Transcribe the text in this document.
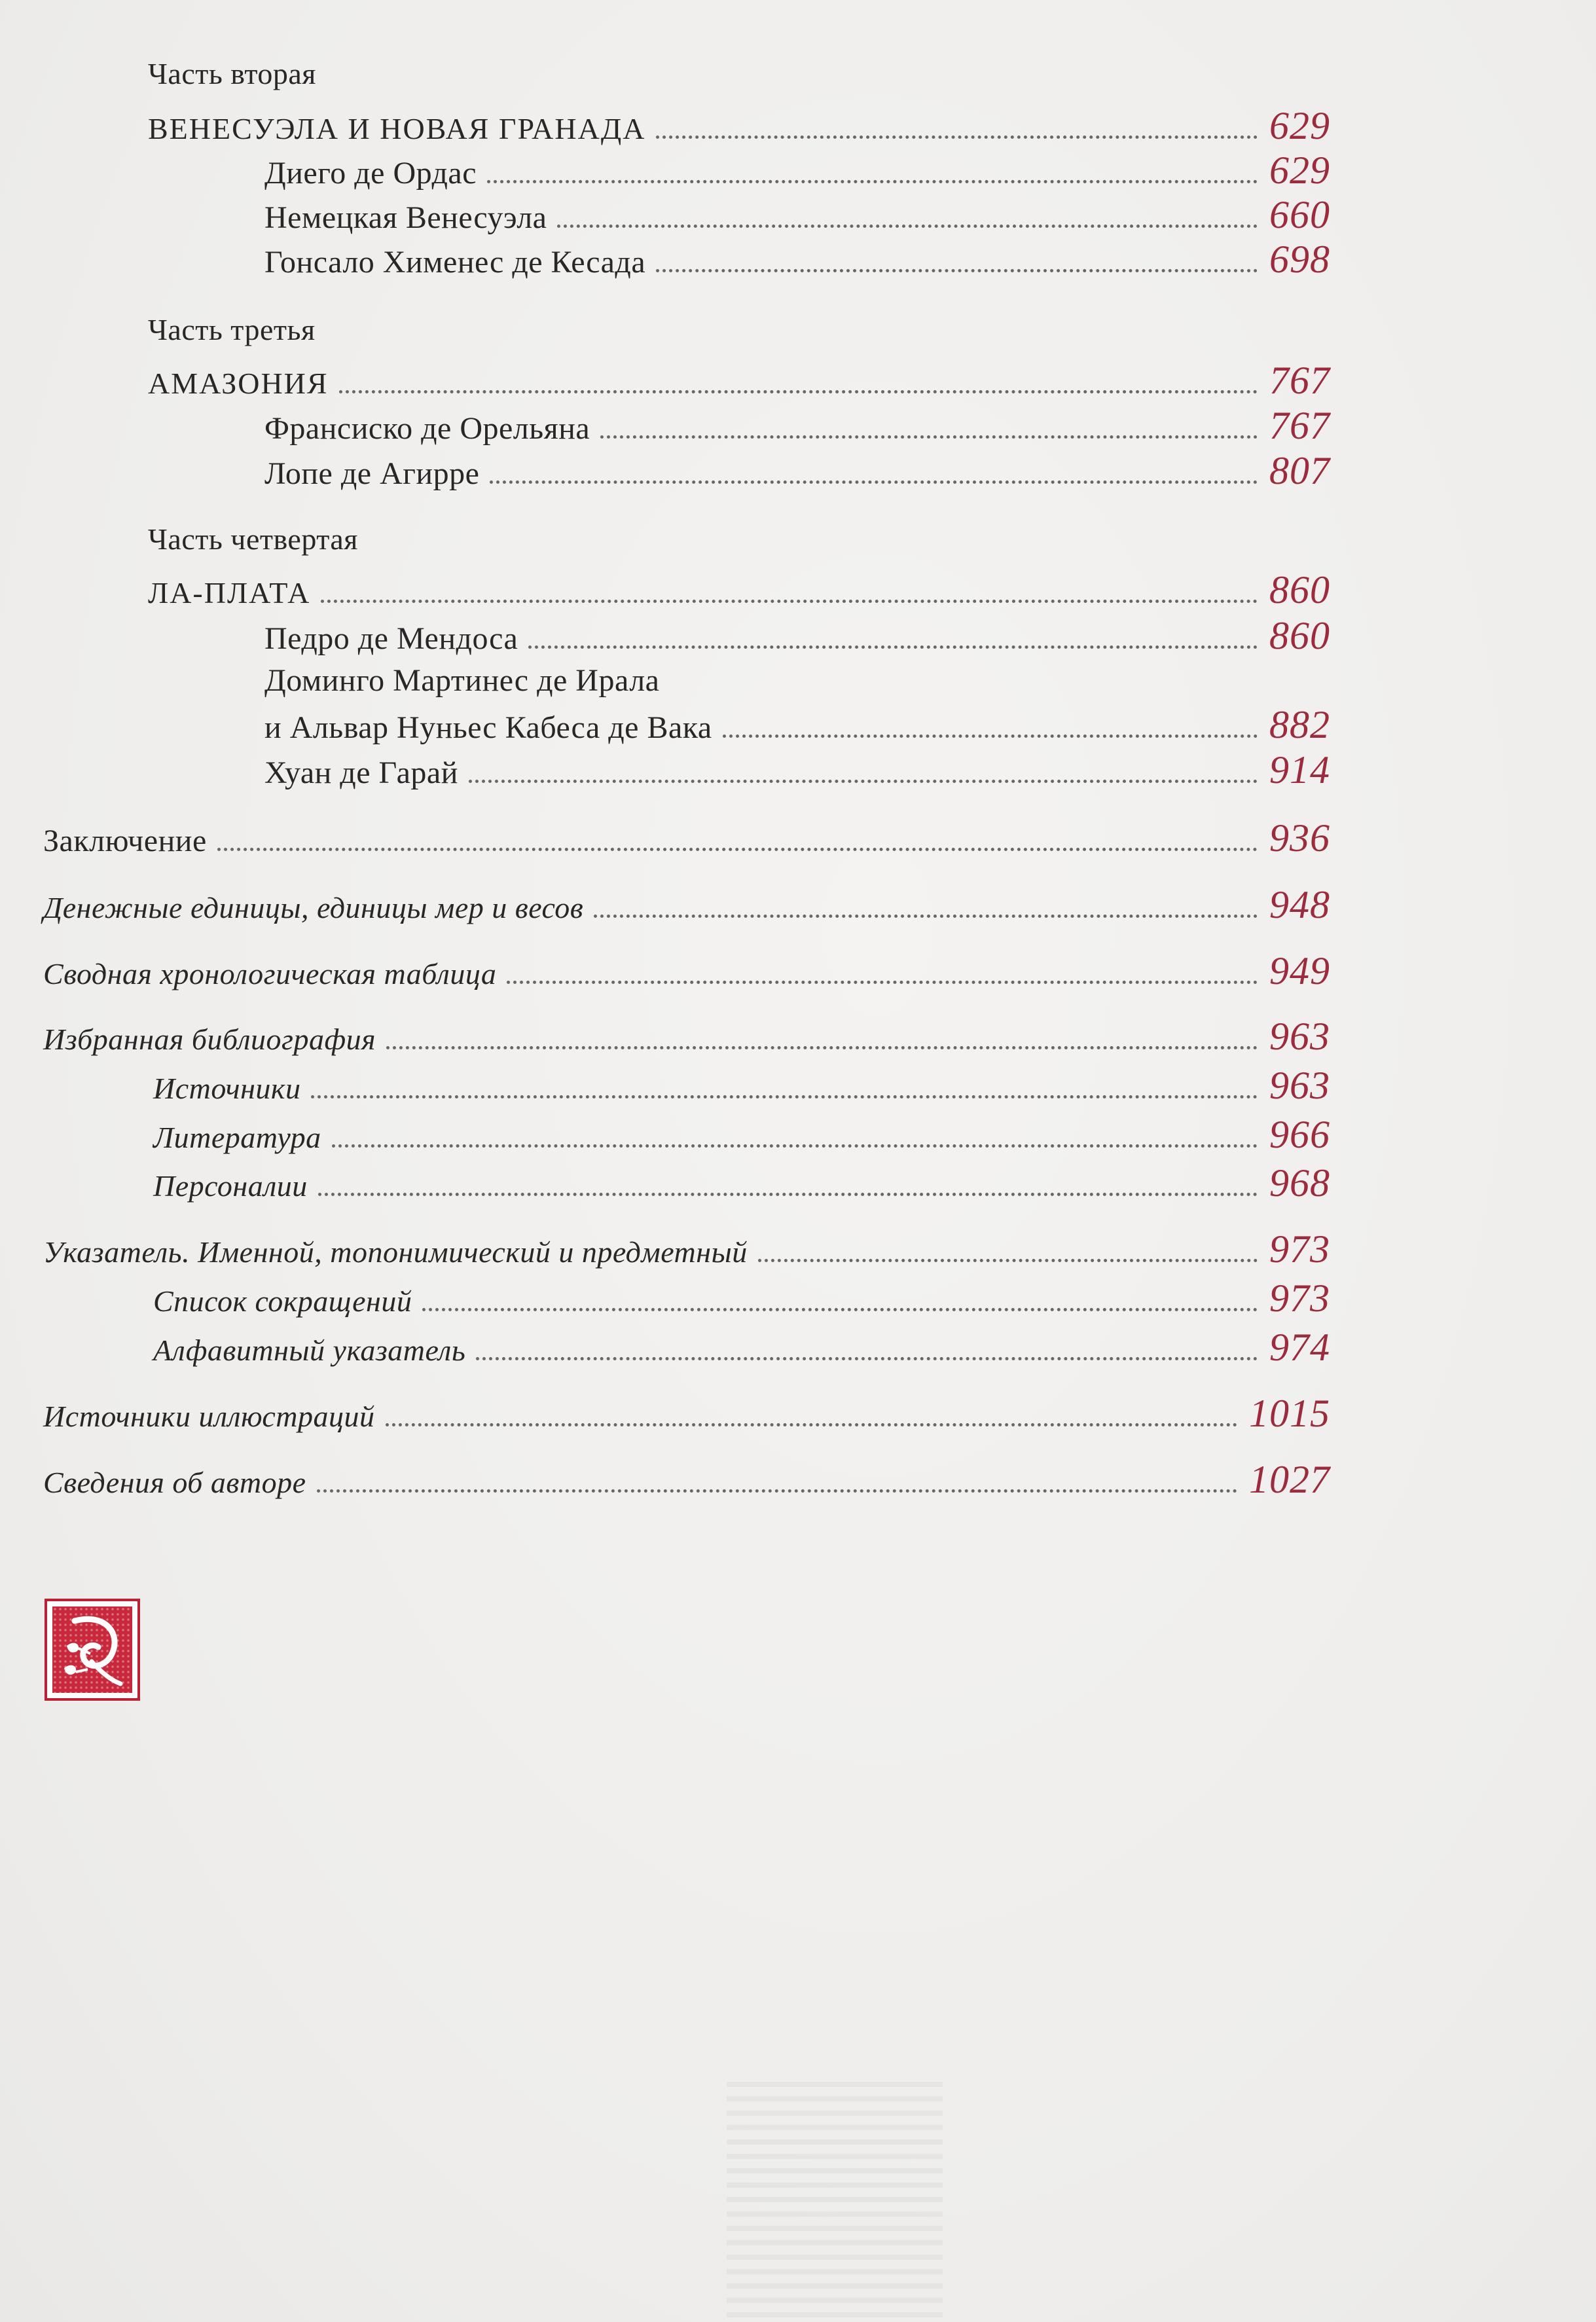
Часть вторая
ВЕНЕСУЭЛА И НОВАЯ ГРАНАДА	629
Диего де Ордас	629
Немецкая Венесуэла	660
Гонсало Хименес де Кесада	698
Часть третья
АМАЗОНИЯ	767
Франсиско де Орельяна	767
Лопе де Агирре	807
Часть четвертая
ЛА-ПЛАТА	860
Педро де Мендоса	860
Доминго Мартинес де Ирала
и Альвар Нуньес Кабеса де Вака	882
Хуан де Гарай	914
Заключение	936
Денежные единицы, единицы мер и весов	948
Сводная хронологическая таблица	949
Избранная библиография	963
Источники	963
Литература	966
Персоналии	968
Указатель. Именной, топонимический и предметный	973
Список сокращений	973
Алфавитный указатель	974
Источники иллюстраций	1015
Сведения об авторе	1027
